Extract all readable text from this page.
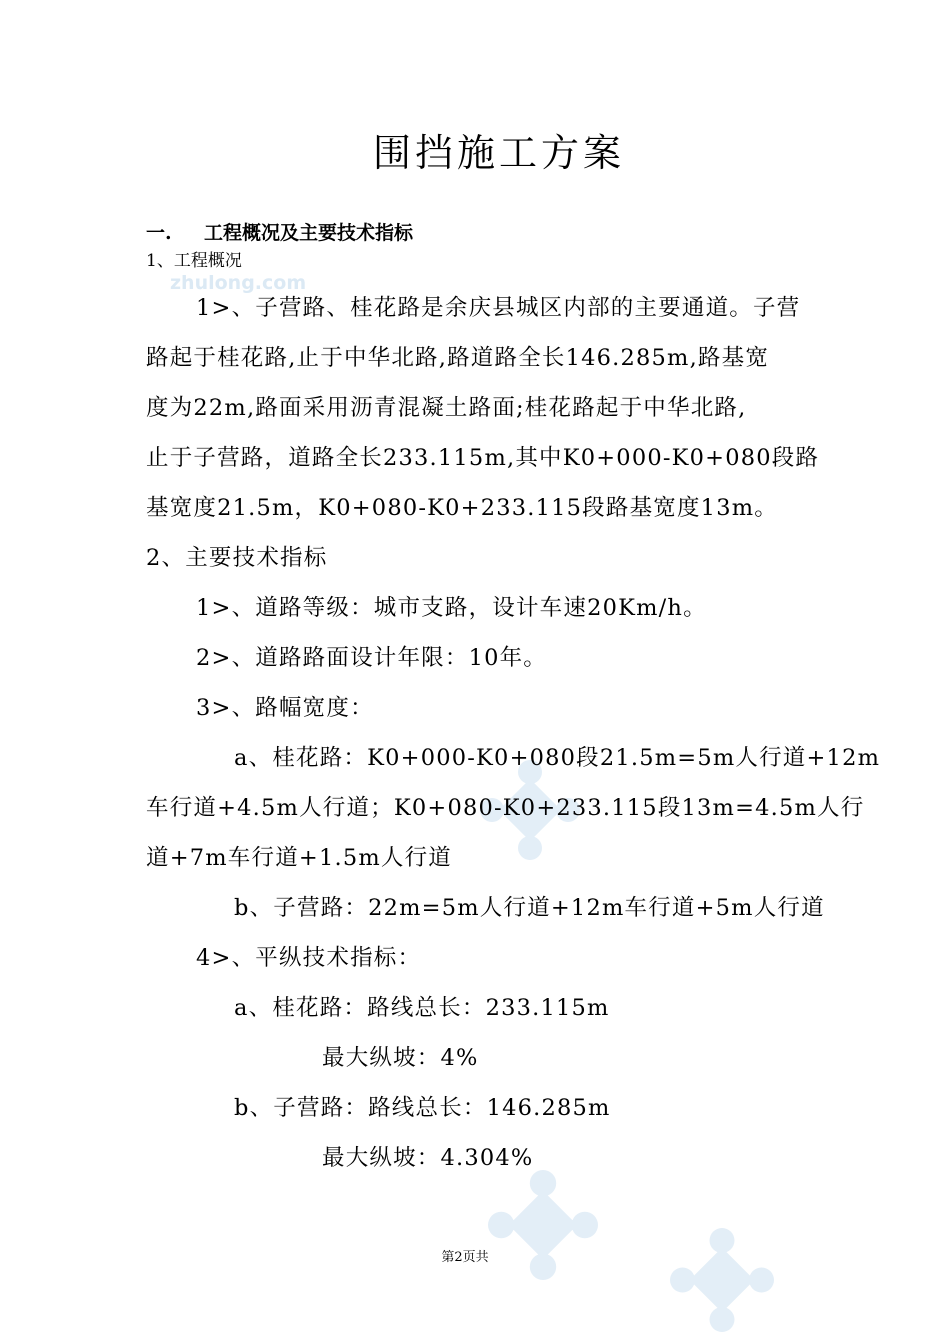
围挡施工方案
一. 工程概况及主要技术指标
1、工程概况
zhulong.com
1>、子营路、桂花路是余庆县城区内部的主要通道。子营
路起于桂花路,止于中华北路,路道路全长146.285m,路基宽
度为22m,路面采用沥青混凝土路面;桂花路起于中华北路,
止于子营路，道路全长233.115m,其中K0+000-K0+080段路
基宽度21.5m，K0+080-K0+233.115段路基宽度13m。
2、主要技术指标
1>、道路等级：城市支路，设计车速20Km/h。
2>、道路路面设计年限：10年。
3>、路幅宽度：
a、桂花路：K0+000-K0+080段21.5m=5m人行道+12m
车行道+4.5m人行道；K0+080-K0+233.115段13m=4.5m人行
道+7m车行道+1.5m人行道
b、子营路：22m=5m人行道+12m车行道+5m人行道
4>、平纵技术指标：
a、桂花路：路线总长：233.115m
最大纵坡：4%
b、子营路：路线总长：146.285m
最大纵坡：4.304%
第2页共
